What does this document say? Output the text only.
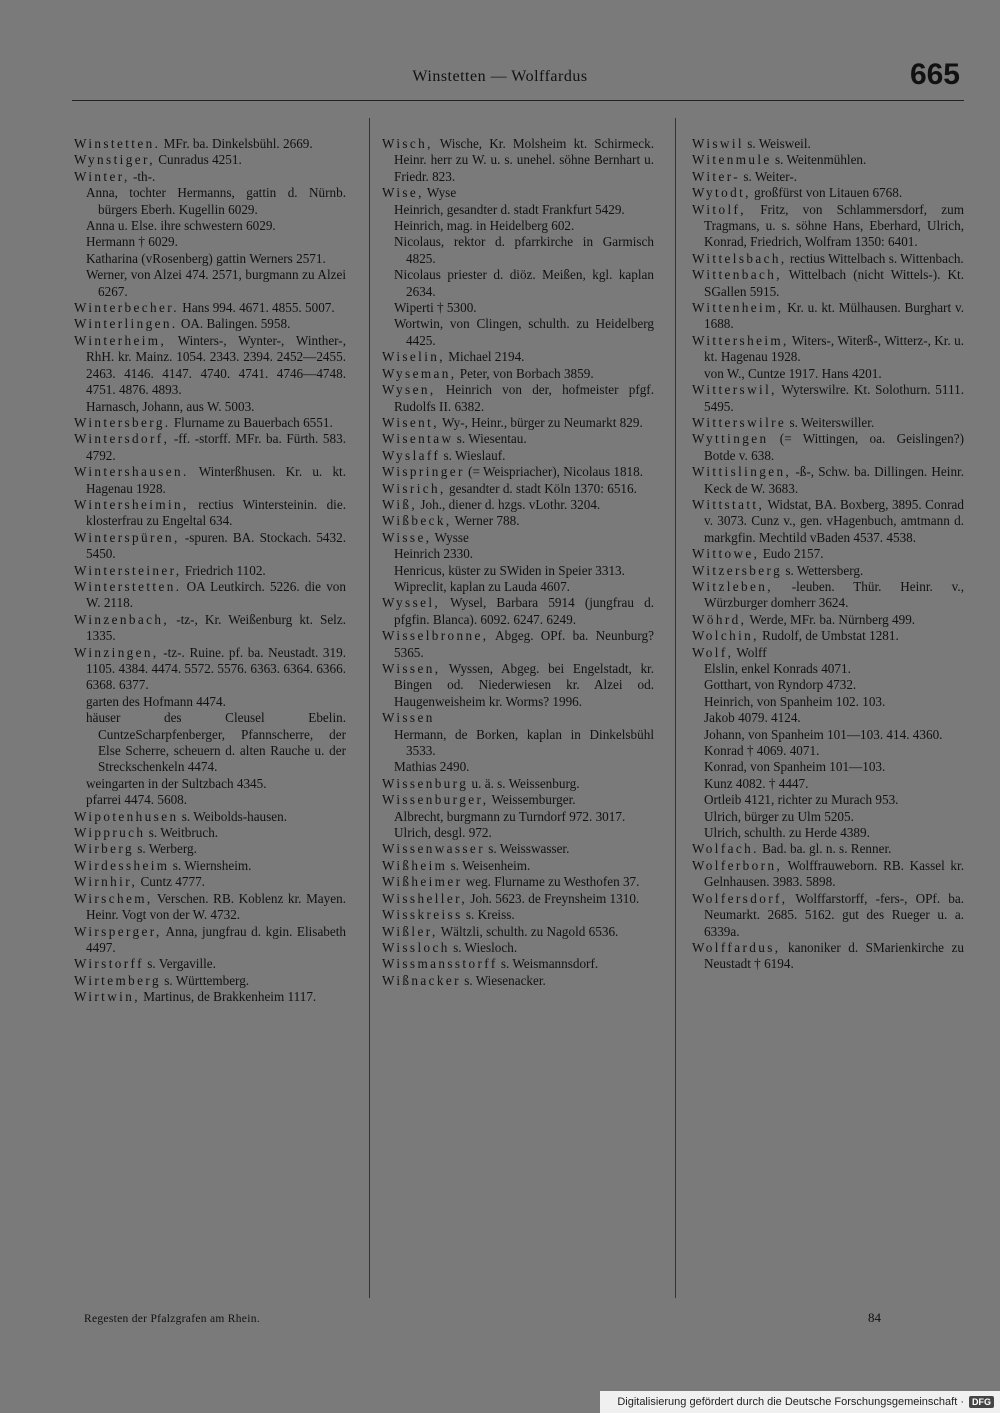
Winstetten — Wolffardus	665

Winstetten. MFr. ba. Dinkelsbühl. 2669.

Wynstiger, Cunradus 4251.

Winter, -th-.

Anna, tochter Hermanns, gattin d. Nürnb. bürgers Eberh. Kugellin 6029.

Anna u. Else. ihre schwestern 6029.

Hermann † 6029.

Katharina (vRosenberg) gattin Werners 2571.

Werner, von Alzei 474. 2571, burgmann zu Alzei 6267.

Winterbecher. Hans 994. 4671. 4855. 5007.

Winterlingen. OA. Balingen. 5958.

Winterheim, Winters-, Wynter-, Winther-, RhH. kr. Mainz. 1054. 2343. 2394. 2452—2455. 2463. 4146. 4147. 4740. 4741. 4746—4748. 4751. 4876. 4893.

Harnasch, Johann, aus W. 5003.

Wintersberg. Flurname zu Bauerbach 6551.

Wintersdorf, -ff. -storff. MFr. ba. Fürth. 583. 4792.

Wintershausen. Winterßhusen. Kr. u. kt. Hagenau 1928.

Wintersheimin, rectius Wintersteinin. die. klosterfrau zu Engeltal 634.

Winterspüren, -spuren. BA. Stockach. 5432. 5450.

Wintersteiner, Friedrich 1102.

Winterstetten. OA Leutkirch. 5226. die von W. 2118.

Winzenbach, -tz-, Kr. Weißenburg kt. Selz. 1335.

Winzingen, -tz-. Ruine. pf. ba. Neustadt. 319. 1105. 4384. 4474. 5572. 5576. 6363. 6364. 6366. 6368. 6377.

garten des Hofmann 4474.

häuser des Cleusel Ebelin. CuntzeScharpfenberger, Pfannscherre, der Else Scherre, scheuern d. alten Rauche u. der Streckschenkeln 4474.

weingarten in der Sultzbach 4345.

pfarrei 4474. 5608.

Wipotenhusen s. Weibolds-hausen.

Wippruch s. Weitbruch.

Wirberg s. Werberg.

Wirdessheim s. Wiernsheim.

Wirnhir, Cuntz 4777.

Wirschem, Verschen. RB. Koblenz kr. Mayen. Heinr. Vogt von der W. 4732.

Wirsperger, Anna, jungfrau d. kgin. Elisabeth 4497.

Wirstorff s. Vergaville.

Wirtemberg s. Württemberg.

Wirtwin, Martinus, de Brakkenheim 1117.

Wisch, Wische, Kr. Molsheim kt. Schirmeck. Heinr. herr zu W. u. s. unehel. söhne Bernhart u. Friedr. 823.

Wise, Wyse

Heinrich, gesandter d. stadt Frankfurt 5429.

Heinrich, mag. in Heidelberg 602.

Nicolaus, rektor d. pfarrkirche in Garmisch 4825.

Nicolaus priester d. diöz. Meißen, kgl. kaplan 2634.

Wiperti † 5300.

Wortwin, von Clingen, schulth. zu Heidelberg 4425.

Wiselin, Michael 2194.

Wyseman, Peter, von Borbach 3859.

Wysen, Heinrich von der, hofmeister pfgf. Rudolfs II. 6382.

Wisent, Wy-, Heinr., bürger zu Neumarkt 829.

Wisentaw s. Wiesentau.

Wyslaff s. Wieslauf.

Wispringer (= Weispriacher), Nicolaus 1818.

Wisrich, gesandter d. stadt Köln 1370: 6516.

Wiß, Joh., diener d. hzgs. vLothr. 3204.

Wißbeck, Werner 788.

Wisse, Wysse

Heinrich 2330.

Henricus, küster zu SWiden in Speier 3313.

Wipreclit, kaplan zu Lauda 4607.

Wyssel, Wysel, Barbara 5914 (jungfrau d. pfgfin. Blanca). 6092. 6247. 6249.

Wisselbronne, Abgeg. OPf. ba. Neunburg? 5365.

Wissen, Wyssen, Abgeg. bei Engelstadt, kr. Bingen od. Niederwiesen kr. Alzei od. Haugenweisheim kr. Worms? 1996.

Wissen

Hermann, de Borken, kaplan in Dinkelsbühl 3533.

Mathias 2490.

Wissenburg u. ä. s. Weissenburg.

Wissenburger, Weissemburger.

Albrecht, burgmann zu Turndorf 972. 3017.

Ulrich, desgl. 972.

Wissenwasser s. Weisswasser.

Wißheim s. Weisenheim.

Wißheimer weg. Flurname zu Westhofen 37.

Wissheller, Joh. 5623. de Freynsheim 1310.

Wisskreiss s. Kreiss.

Wißler, Wältzli, schulth. zu Nagold 6536.

Wissloch s. Wiesloch.

Wissmansstorff s. Weismannsdorf.

Wißnacker s. Wiesenacker.

Wiswil s. Weisweil.

Witenmule s. Weitenmühlen.

Witer- s. Weiter-.

Wytodt, großfürst von Litauen 6768.

Witolf, Fritz, von Schlammersdorf, zum Tragmans, u. s. söhne Hans, Eberhard, Ulrich, Konrad, Friedrich, Wolfram 1350: 6401.

Wittelsbach, rectius Wittelbach s. Wittenbach.

Wittenbach, Wittelbach (nicht Wittels-). Kt. SGallen 5915.

Wittenheim, Kr. u. kt. Mülhausen. Burghart v. 1688.

Wittersheim, Witers-, Witerß-, Witterz-, Kr. u. kt. Hagenau 1928.

von W., Cuntze 1917. Hans 4201.

Witterswil, Wyterswilre. Kt. Solothurn. 5111. 5495.

Witterswilre s. Weiterswiller.

Wyttingen (= Wittingen, oa. Geislingen?) Botde v. 638.

Wittislingen, -ß-, Schw. ba. Dillingen. Heinr. Keck de W. 3683.

Wittstatt, Widstat, BA. Boxberg, 3895. Conrad v. 3073. Cunz v., gen. vHagenbuch, amtmann d. markgfin. Mechtild vBaden 4537. 4538.

Wittowe, Eudo 2157.

Witzersberg s. Wettersberg.

Witzleben, -leuben. Thür. Heinr. v., Würzburger domherr 3624.

Wöhrd, Werde, MFr. ba. Nürnberg 499.

Wolchin, Rudolf, de Umbstat 1281.

Wolf, Wolff

Elslin, enkel Konrads 4071.

Gotthart, von Ryndorp 4732.

Heinrich, von Spanheim 102. 103.

Jakob 4079. 4124.

Johann, von Spanheim 101—103. 414. 4360.

Konrad † 4069. 4071.

Konrad, von Spanheim 101—103.

Kunz 4082. † 4447.

Ortleib 4121, richter zu Murach 953.

Ulrich, bürger zu Ulm 5205.

Ulrich, schulth. zu Herde 4389.

Wolfach. Bad. ba. gl. n. s. Renner.

Wolferborn, Wolffrauweborn. RB. Kassel kr. Gelnhausen. 3983. 5898.

Wolfersdorf, Wolffarstorff, -fers-, OPf. ba. Neumarkt. 2685. 5162. gut des Rueger u. a. 6339a.

Wolffardus, kanoniker d. SMarienkirche zu Neustadt † 6194.

Regesten der Pfalzgrafen am Rhein.	84
Digitalisierung gefördert durch die Deutsche Forschungsgemeinschaft · DFG
